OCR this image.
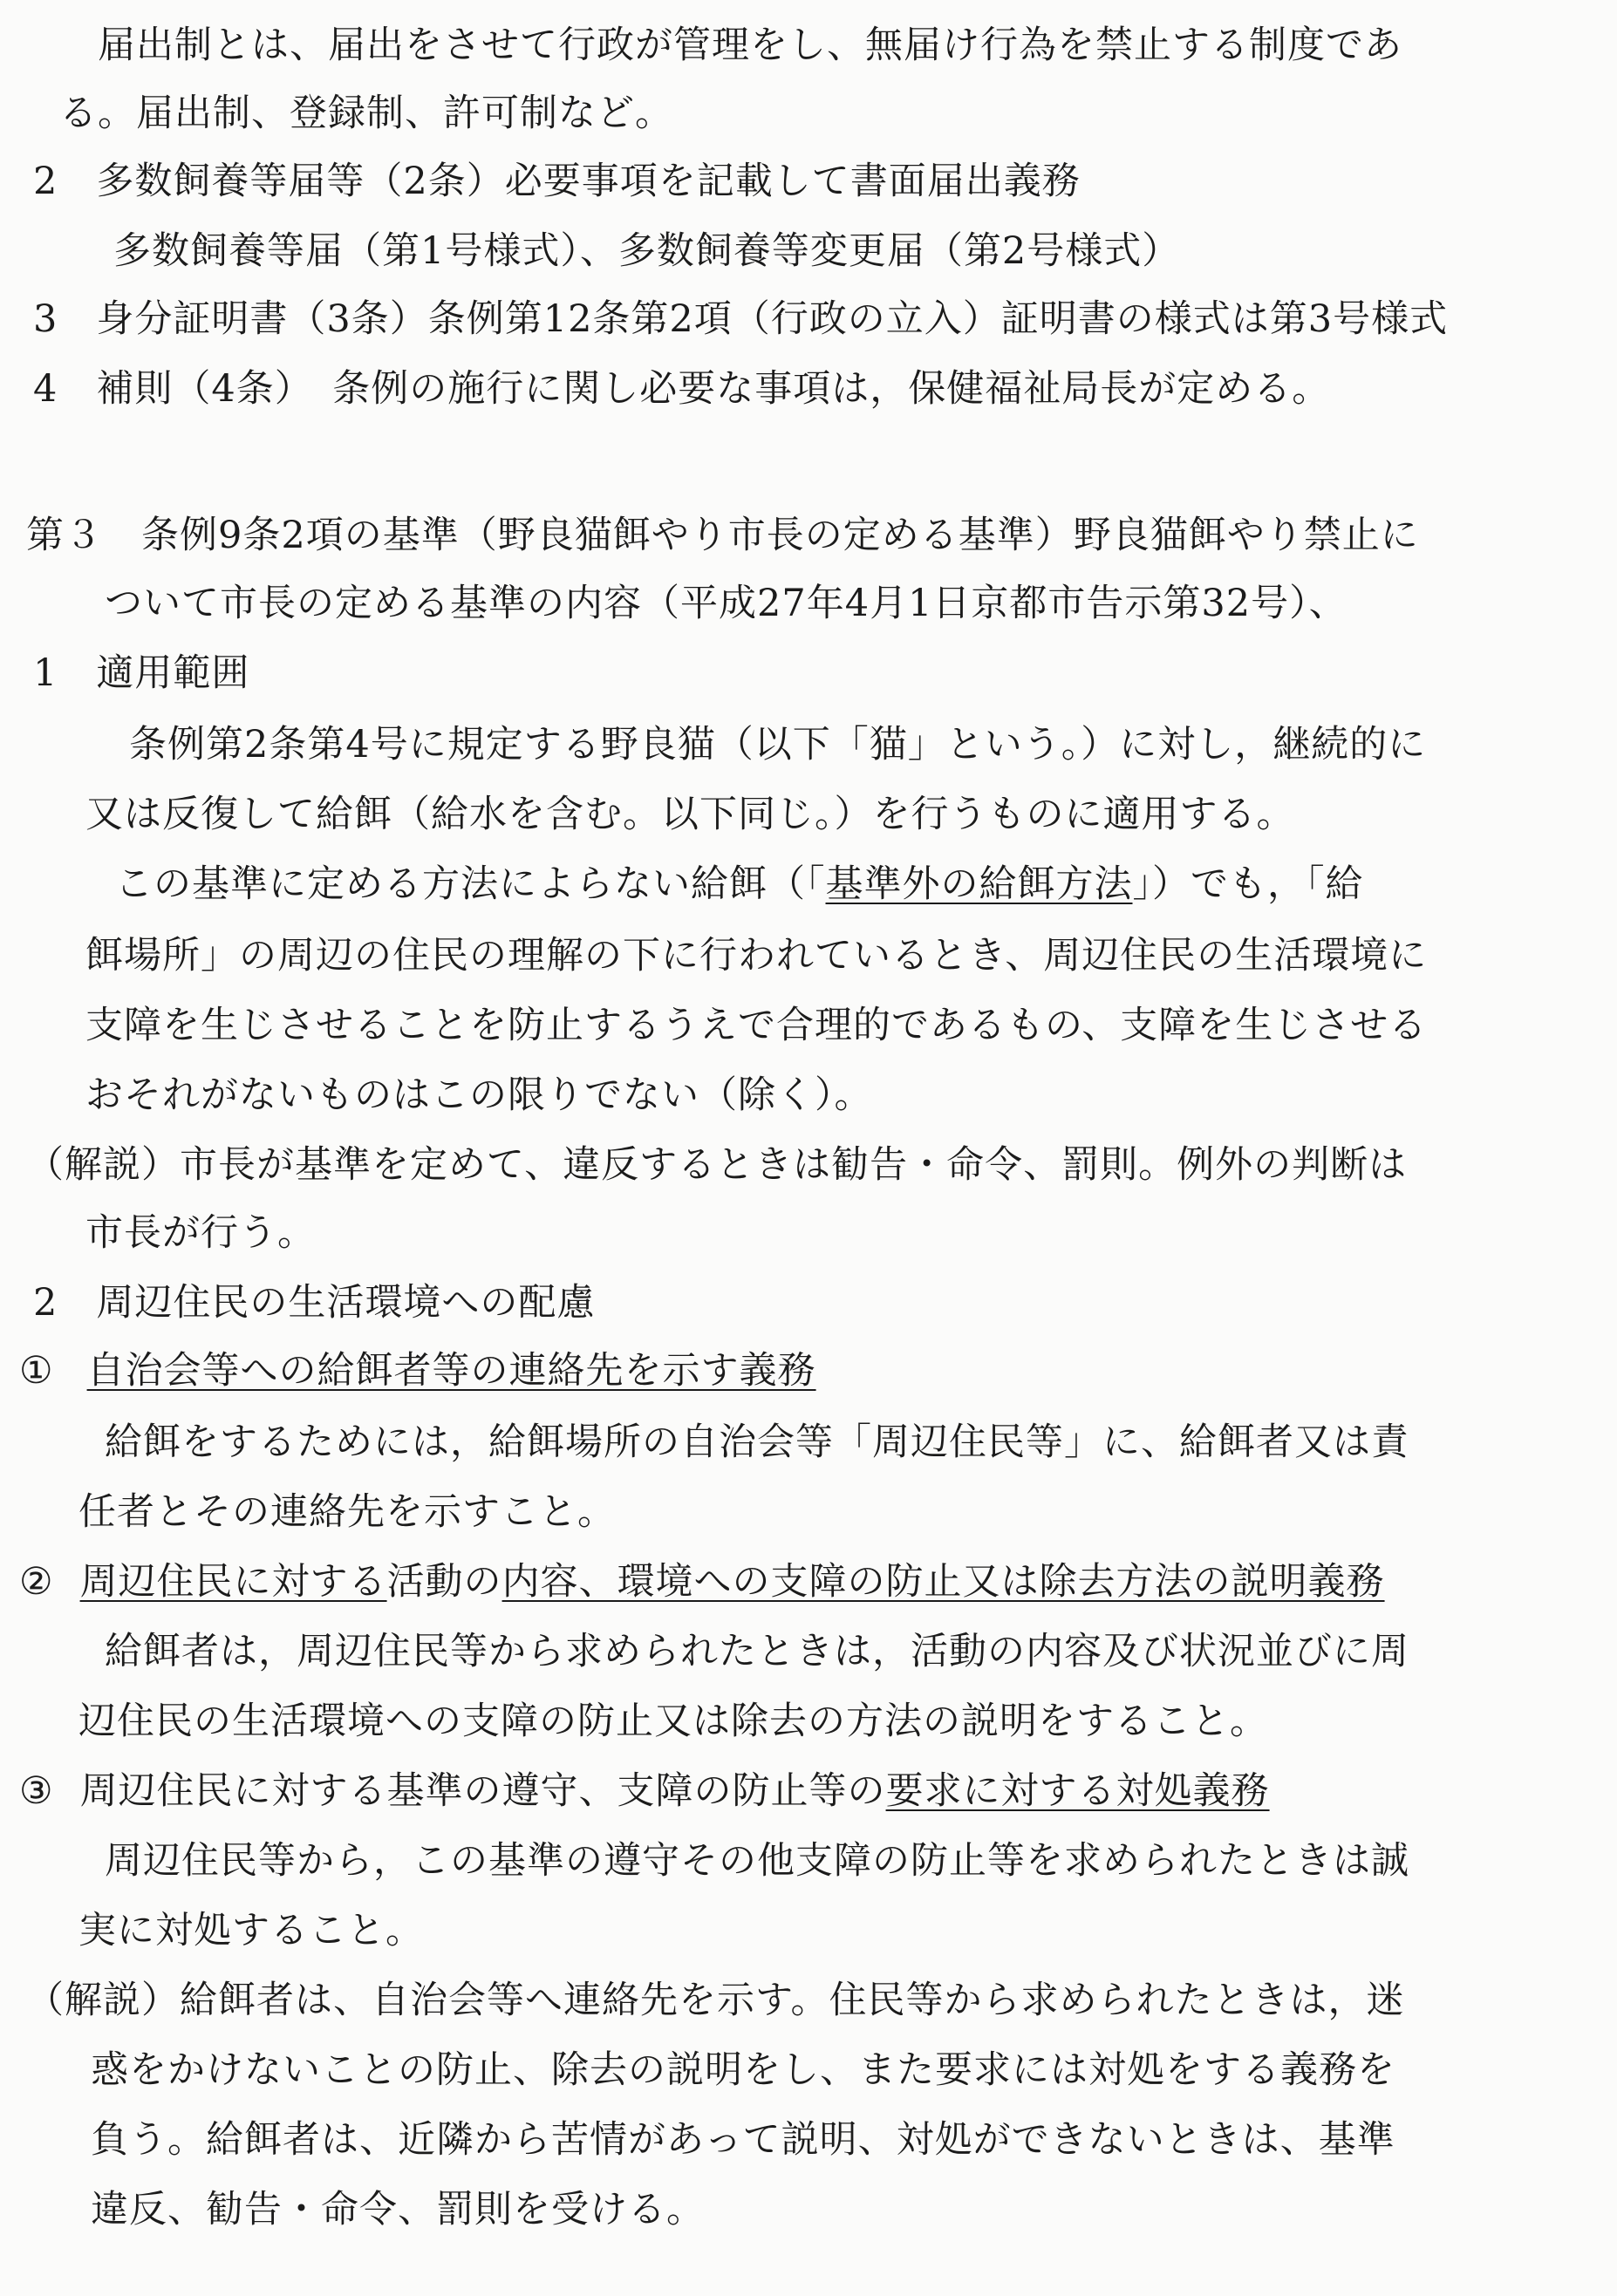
届出制とは、届出をさせて行政が管理をし、無届け行為を禁止する制度であ
る。届出制、登録制、許可制など。
2　多数飼養等届等（2条）必要事項を記載して書面届出義務
多数飼養等届（第1号様式）、多数飼養等変更届（第2号様式）
3　身分証明書（3条）条例第12条第2項（行政の立入）証明書の様式は第3号様式
4　補則（4条）　条例の施行に関し必要な事項は，保健福祉局長が定める。
第３　条例9条2項の基準（野良猫餌やり市長の定める基準）野良猫餌やり禁止に
ついて市長の定める基準の内容（平成27年4月1日京都市告示第32号）、
1　適用範囲
条例第2条第4号に規定する野良猫（以下「猫」という。）に対し，継続的に
又は反復して給餌（給水を含む。以下同じ。）を行うものに適用する。
この基準に定める方法によらない給餌（「基準外の給餌方法」）でも，「給
餌場所」の周辺の住民の理解の下に行われているとき、周辺住民の生活環境に
支障を生じさせることを防止するうえで合理的であるもの、支障を生じさせる
おそれがないものはこの限りでない（除く）。
（解説）市長が基準を定めて、違反するときは勧告・命令、罰則。例外の判断は
市長が行う。
2　周辺住民の生活環境への配慮
① 自治会等への給餌者等の連絡先を示す義務
給餌をするためには，給餌場所の自治会等「周辺住民等」に、給餌者又は責
任者とその連絡先を示すこと。
② 周辺住民に対する活動の内容、環境への支障の防止又は除去方法の説明義務
給餌者は，周辺住民等から求められたときは，活動の内容及び状況並びに周
辺住民の生活環境への支障の防止又は除去の方法の説明をすること。
③ 周辺住民に対する基準の遵守、支障の防止等の要求に対する対処義務
周辺住民等から，この基準の遵守その他支障の防止等を求められたときは誠
実に対処すること。
（解説）給餌者は、自治会等へ連絡先を示す。住民等から求められたときは，迷
惑をかけないことの防止、除去の説明をし、また要求には対処をする義務を
負う。給餌者は、近隣から苦情があって説明、対処ができないときは、基準
違反、勧告・命令、罰則を受ける。
